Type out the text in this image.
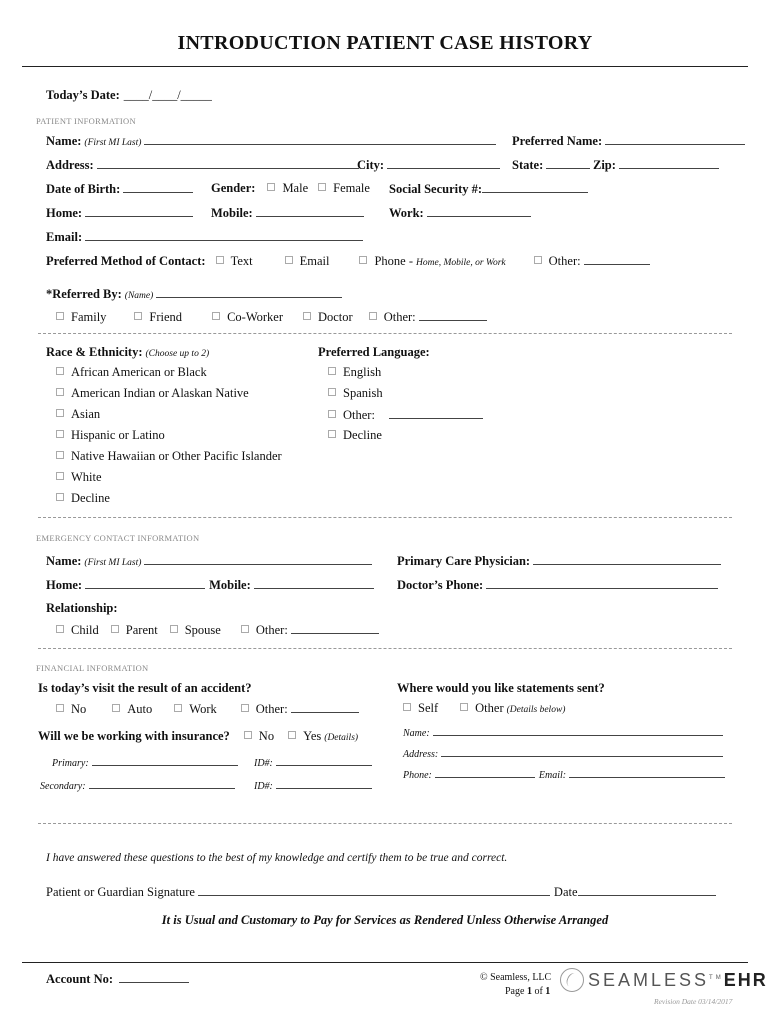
INTRODUCTION PATIENT CASE HISTORY
Today’s Date: ____/____/_____
PATIENT INFORMATION
Name: (First MI Last)	Preferred Name:
Address:	City:	State:	Zip:
Date of Birth:	Gender: Male Female Social Security #:
Home:	Mobile:	Work:
Email:
Preferred Method of Contact: Text	Email	Phone - Home, Mobile, or Work	Other:
*Referred By: (Name)
Family	Friend	Co-Worker	Doctor Other:
Race & Ethnicity: (Choose up to 2)
African American or Black
American Indian or Alaskan Native
Asian
Hispanic or Latino
Native Hawaiian or Other Pacific Islander
White
Decline
Preferred Language:
English
Spanish
Other:
Decline
EMERGENCY CONTACT INFORMATION
Name: (First MI Last)	Primary Care Physician:
Home:	Mobile:	Doctor’s Phone:
Relationship:
Child Parent Spouse	Other:
FINANCIAL INFORMATION
Is today’s visit the result of an accident?
No	Auto	Work	Other:
Where would you like statements sent?
Self	Other (Details below)
Will we be working with insurance? No Yes (Details)
Primary:	ID#:
Secondary:	ID#:
Name:
Address:
Phone:	Email:
I have answered these questions to the best of my knowledge and certify them to be true and correct.
Patient or Guardian Signature	Date
It is Usual and Customary to Pay for Services as Rendered Unless Otherwise Arranged
Account No:	© Seamless, LLC
Page
1
of
1
SEAMLESS™EHR
Revision Date 03/14/2017
